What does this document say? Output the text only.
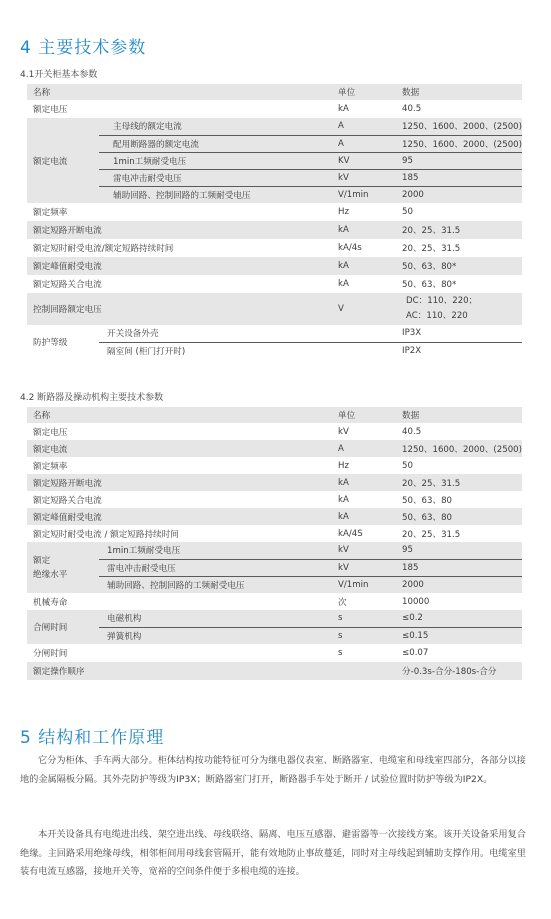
4 主要技术参数
4.1开关柜基本参数
名称		单位	数据
额定电压		kA	40.5
额定电流	主母线的额定电流	A	1250、1600、2000、(2500)
	配用断路器的额定电流	A	1250、1600、2000、(2500)
	1min工频耐受电压	KV	95
	雷电冲击耐受电压	kV	185
	辅助回路、控制回路的工频耐受电压	V/1min	2000
额定频率		Hz	50
额定短路开断电流		kA	20、25、31.5
额定短时耐受电流/额定短路持续时间		kA/4s	20、25、31.5
额定峰值耐受电流		kA	50、63、80*
额定短路关合电流		kA	50、63、80*
控制回路额定电压		V	DC：110、220；
AC：110、220

防护等级	开关设备外壳		IP3X
	隔室间 (柜门打开时)		IP2X
4.2 断路器及操动机构主要技术参数
名称		单位	数据
额定电压		kV	40.5
额定电流		A	1250、1600、2000、(2500)
额定频率		Hz	50
额定短路开断电流		kA	20、25、31.5
额定短路关合电流		kA	50、63、80
额定峰值耐受电流		kA	50、63、80
额定短时耐受电流 / 额定短路持续时间		kA/4S	20、25、31.5

额定
绝缘水平	1min工频耐受电压	kV	95
	雷电冲击耐受电压	kV	185
	辅助回路、控制回路的工频耐受电压	V/1min	2000
机械寿命		次	10000
合闸时间	电磁机构	s	≤0.2
	弹簧机构	s	≤0.15
分闸时间		s	≤0.07
额定操作顺序			分-0.3s-合分-180s-合分
5 结构和工作原理
它分为柜体、手车两大部分。柜体结构按功能特征可分为继电器仪表室、断路器室、电缆室和母线室四部分，各部分以接地的金属隔板分隔。其外壳防护等级为IP3X；断路器室门打开，断路器手车处于断开 / 试验位置时防护等级为IP2X。
本开关设备具有电缆进出线、架空进出线、母线联络、隔离、电压互感器、避雷器等一次接线方案。该开关设备采用复合绝缘。主回路采用绝缘母线，相邻柜间用母线套管隔开，能有效地防止事故蔓延，同时对主母线起到辅助支撑作用。电缆室里装有电流互感器，接地开关等，宽裕的空间条件便于多根电缆的连接。
